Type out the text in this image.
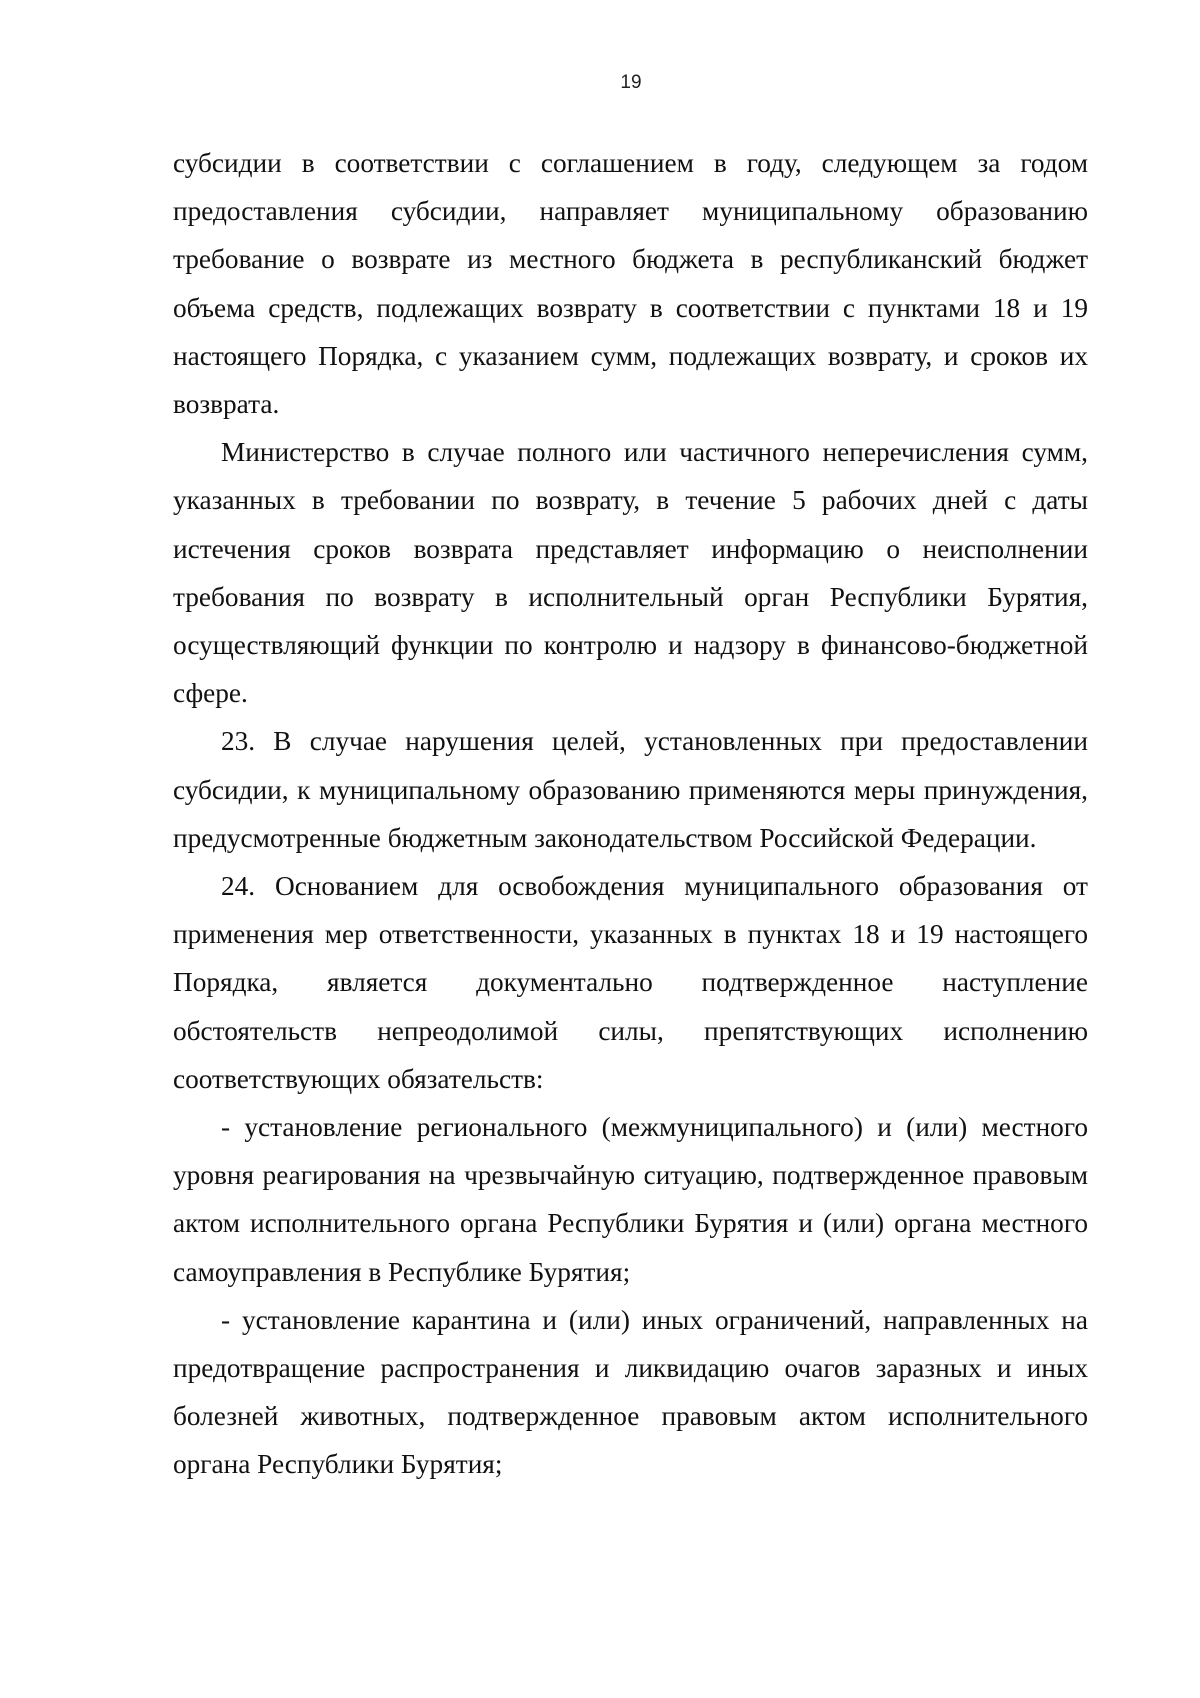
19

субсидии в соответствии с соглашением в году, следующем за годом предоставления субсидии, направляет муниципальному образованию требование о возврате из местного бюджета в республиканский бюджет объема средств, подлежащих возврату в соответствии с пунктами 18 и 19 настоящего Порядка, с указанием сумм, подлежащих возврату, и сроков их возврата.

Министерство в случае полного или частичного неперечисления сумм, указанных в требовании по возврату, в течение 5 рабочих дней с даты истечения сроков возврата представляет информацию о неисполнении требования по возврату в исполнительный орган Республики Бурятия, осуществляющий функции по контролю и надзору в финансово-бюджетной сфере.

23. В случае нарушения целей, установленных при предоставлении субсидии, к муниципальному образованию применяются меры принуждения, предусмотренные бюджетным законодательством Российской Федерации.

24. Основанием для освобождения муниципального образования от применения мер ответственности, указанных в пунктах 18 и 19 настоящего Порядка, является документально подтвержденное наступление обстоятельств непреодолимой силы, препятствующих исполнению соответствующих обязательств:

- установление регионального (межмуниципального) и (или) местного уровня реагирования на чрезвычайную ситуацию, подтвержденное правовым актом исполнительного органа Республики Бурятия и (или) органа местного самоуправления в Республике Бурятия;

- установление карантина и (или) иных ограничений, направленных на предотвращение распространения и ликвидацию очагов заразных и иных болезней животных, подтвержденное правовым актом исполнительного органа Республики Бурятия;
